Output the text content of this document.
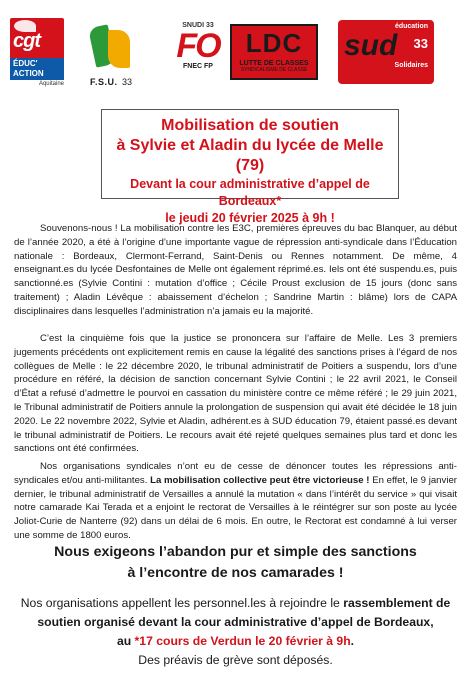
cgt
ÉDUC'
ACTION
Aquitaine	F.S.U. 33
SNUDI 33
FO
FNEC FP
LDC
LUTTE DE CLASSES
SYNDICALISME DE CLASSE
éducation
sud	33
Solidaires
Mobilisation de soutien
à Sylvie et Aladin du lycée de Melle (79)
Devant la cour administrative d’appel de Bordeaux*
le jeudi 20 février 2025 à 9h !

Souvenons-nous ! La mobilisation contre les E3C, premières épreuves du bac Blanquer, au début de l’année 2020, a été à l’origine d’une importante vague de répression anti-syndicale dans l’Éducation nationale : Bordeaux, Clermont-Ferrand, Saint-Denis ou Rennes notamment. De même, 4 enseignant.es du lycée Desfontaines de Melle ont également réprimé.es. Iels ont été suspendu.es, puis sanctionné.es (Sylvie Contini : mutation d’office ; Cécile Proust exclusion de 15 jours (donc sans traitement) ; Aladin Lévêque : abaissement d’échelon ; Sandrine Martin : blâme) lors de CAPA disciplinaires dans lesquelles l’administration n’a jamais eu la majorité.

C’est la cinquième fois que la justice se prononcera sur l’affaire de Melle. Les 3 premiers jugements précédents ont explicitement remis en cause la légalité des sanctions prises à l’égard de nos collègues de Melle : le 22 décembre 2020, le tribunal administratif de Poitiers a suspendu, lors d’une procédure en référé, la décision de sanction concernant Sylvie Contini ; le 22 avril 2021, le Conseil d’État a refusé d’admettre le pourvoi en cassation du ministère contre ce même référé ; le 29 juin 2021, le Tribunal administratif de Poitiers annule la prolongation de suspension qui avait été décidée le 18 juin 2020. Le 22 novembre 2022, Sylvie et Aladin, adhérent.es à SUD éducation 79, étaient passé.es devant le tribunal administratif de Poitiers. Le recours avait été rejeté quelques semaines plus tard et donc les sanctions ont été confirmées.

Nos organisations syndicales n’ont eu de cesse de dénoncer toutes les répressions anti-syndicales et/ou anti-militantes. La mobilisation collective peut être victorieuse ! En effet, le 9 janvier dernier, le tribunal administratif de Versailles a annulé la mutation « dans l’intérêt du service » qui visait notre camarade Kai Terada et a enjoint le rectorat de Versailles à le réintégrer sur son poste au lycée Joliot-Curie de Nanterre (92) dans un délai de 6 mois. En outre, le Rectorat est condamné à lui verser une somme de 1800 euros.

Nous exigeons l’abandon pur et simple des sanctions
à l’encontre de nos camarades !
Nos organisations appellent les personnel.les à rejoindre le rassemblement de soutien organisé devant la cour administrative d’appel de Bordeaux,
au *17 cours de Verdun le 20 février à 9h.
Des préavis de grève sont déposés.
